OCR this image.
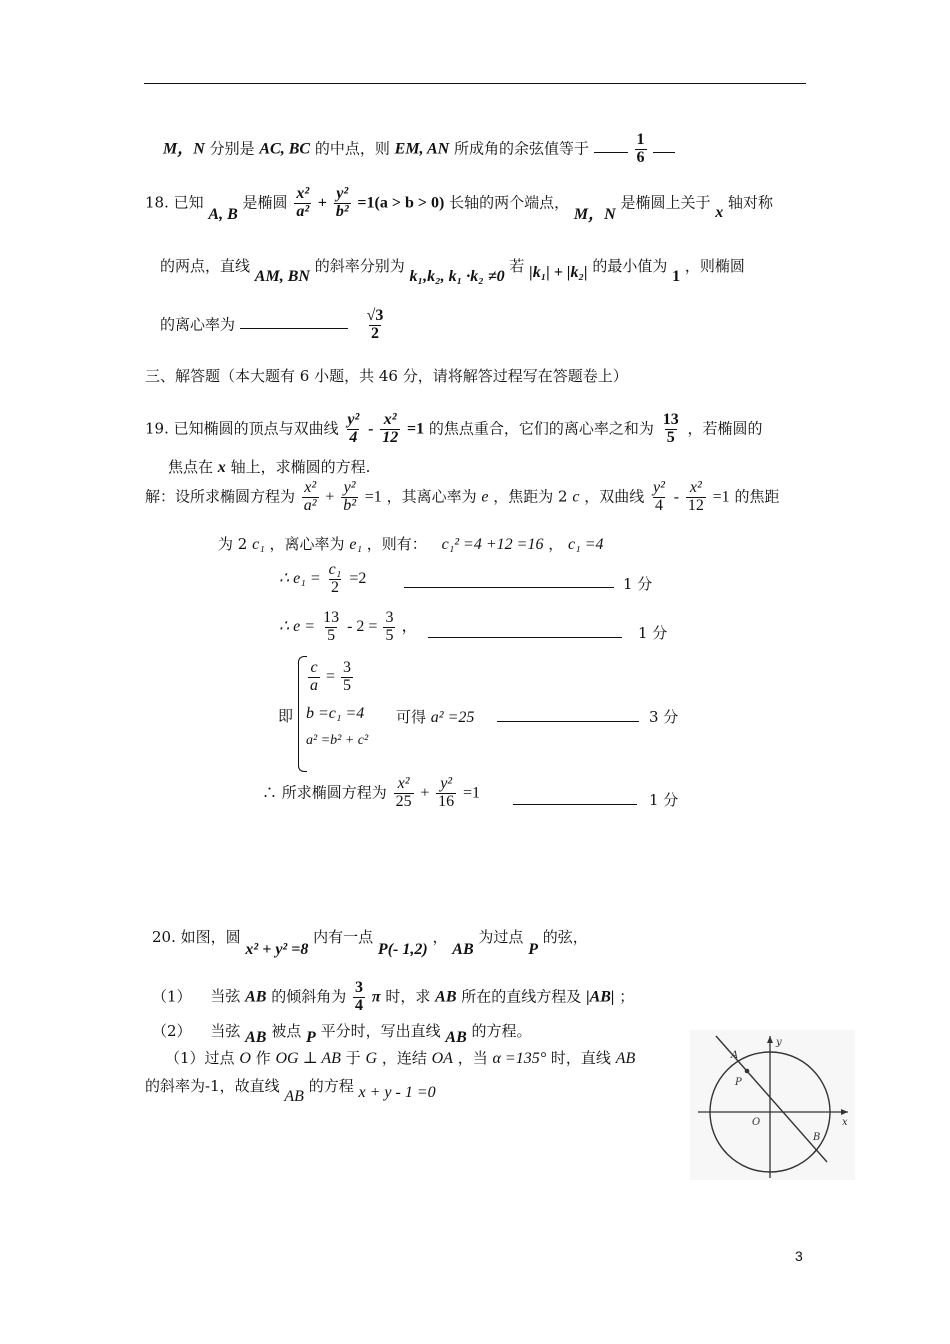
M，N 分别是 AC, BC 的中点，则 EM, AN 所成角的余弦值等于	$\frac{1}{6}$

18. 已知 A, B 是椭圆 $\frac{\text{x²}}{\text{a²}} + \frac{\text{y²}}{\text{b²}} =1(a > b > 0)$ 长轴的两个端点， M，N 是椭圆上关于 x 轴对称
的两点，直线 AM, BN 的斜率分别为 k₁,k₂, k₁ ·k₂ ≠0 若 |k₁| + |k₂| 的最小值为 1 ，则椭圆
的离心率为	$\frac{√3}{2}$
三、解答题（本大题有 6 小题，共 46 分，请将解答过程写在答题卷上）
19. 已知椭圆的顶点与双曲线 $\frac{\text{y²}}{4} - \frac{\text{x²}}{12} =1$ 的焦点重合，它们的离心率之和为 $\frac{13}{5}$ ，若椭圆的
焦点在 x 轴上，求椭圆的方程.
解：设所求椭圆方程为 $\frac{\text{x²}}{\text{a²}} + \frac{\text{y²}}{\text{b²}} =1$ ，其离心率为 e ，焦距为 2 c ，双曲线 $\frac{\text{y²}}{4} - \frac{\text{x²}}{12} =1$ 的焦距
为 2 c₁ ，离心率为 e₁ ，则有： c₁² =4 +12 =16 ， c₁ =4
∴ $e_1 = \frac{\text{c₁}}{2} =2$	1 分
∴ $e = \frac{13}{5} - 2 = \frac{3}{5}$ ，	1 分
即
$\frac{c}{a} = \frac{3}{5}$
b =c₁ =4
a² =b² + c²
可得 a² =25	3 分
∴ 所求椭圆方程为 $\frac{\text{x²}}{25} + \frac{\text{y²}}{16} =1$	1 分
20. 如图，圆 x² + y² =8 内有一点 P(- 1,2) ， AB 为过点 P 的弦，
（1） 当弦 AB 的倾斜角为 $\frac{3}{4}$ π 时，求 AB 所在的直线方程及 |AB| ；
（2） 当弦 AB 被点 P 平分时，写出直线 AB 的方程。
（1）过点 O 作 OG ⊥ AB 于 G ，连结 OA ，当 α =135° 时，直线 AB
的斜率为-1，故直线 AB 的方程 x + y - 1 =0
A
P
O
B
x
y
3
